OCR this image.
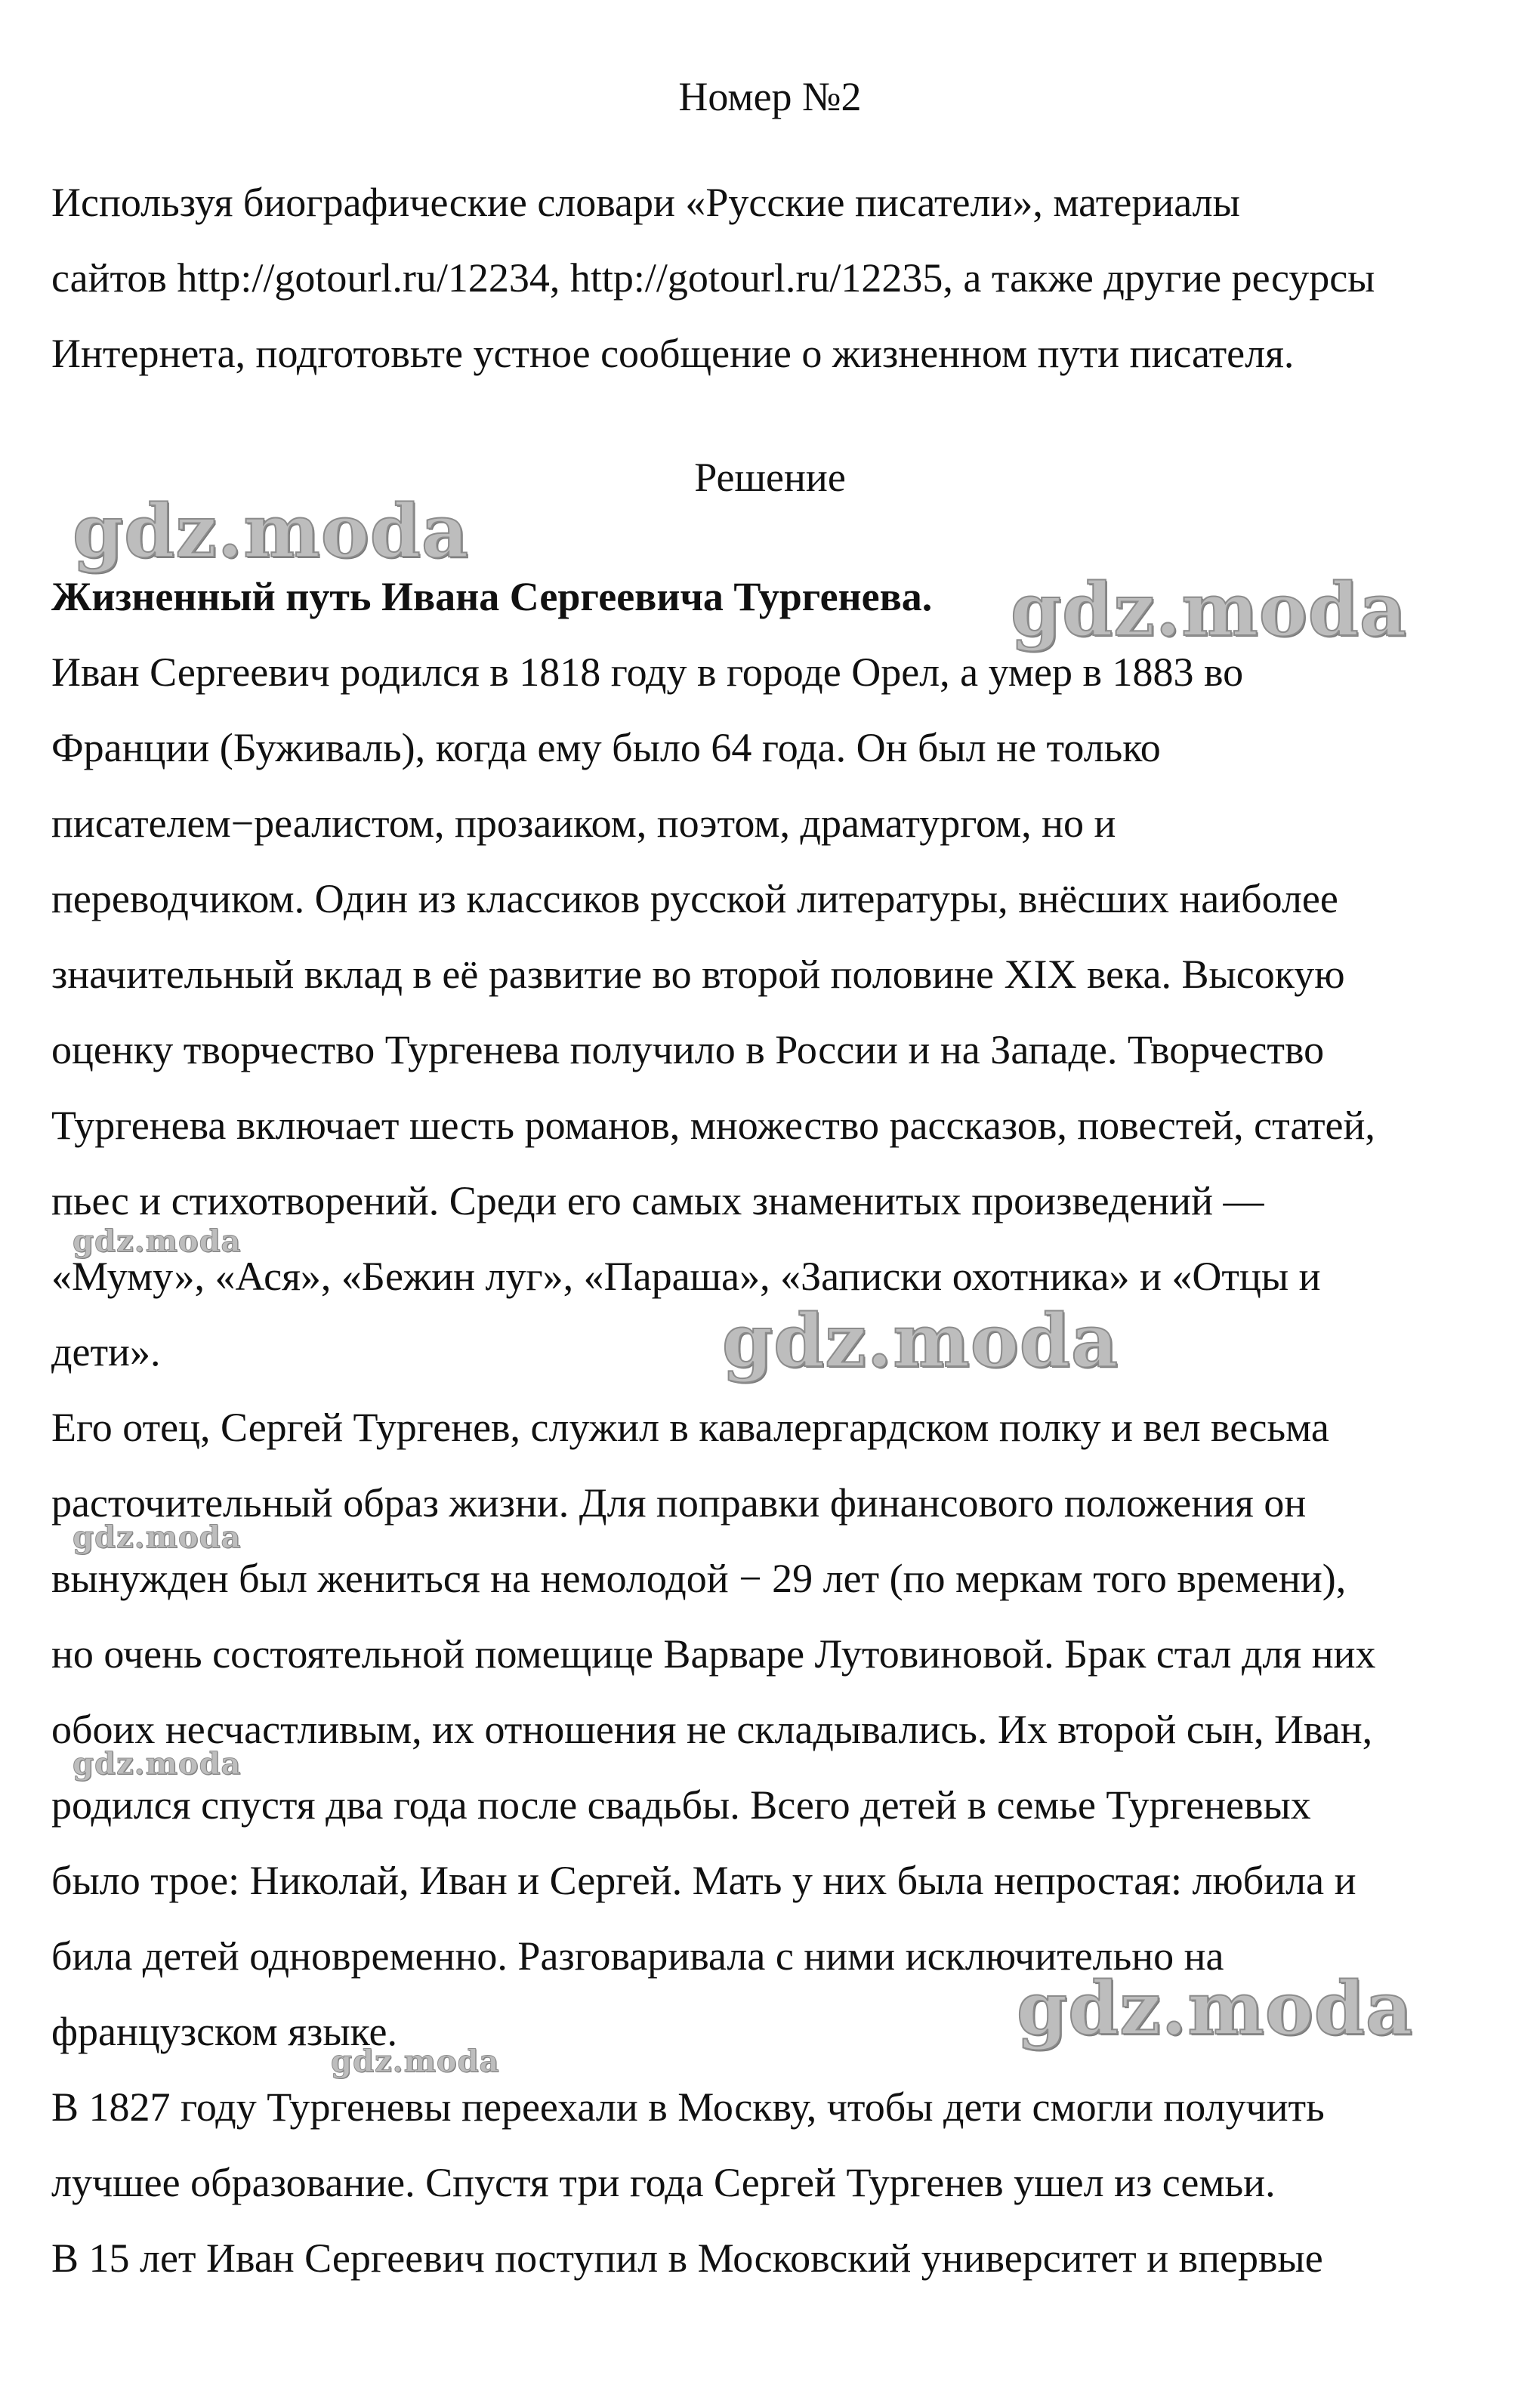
Номер №2
Используя биографические словари «Русские писатели», материалы
сайтов http://gotourl.ru/12234, http://gotourl.ru/12235, а также другие ресурсы
Интернета, подготовьте устное сообщение о жизненном пути писателя.
Решение
Жизненный путь Ивана Сергеевича Тургенева.
Иван Сергеевич родился в 1818 году в городе Орел, а умер в 1883 во
Франции (Буживаль), когда ему было 64 года. Он был не только
писателем−реалистом, прозаиком, поэтом, драматургом, но и
переводчиком. Один из классиков русской литературы, внёсших наиболее
значительный вклад в её развитие во второй половине XIX века. Высокую
оценку творчество Тургенева получило в России и на Западе. Творчество
Тургенева включает шесть романов, множество рассказов, повестей, статей,
пьес и стихотворений. Среди его самых знаменитых произведений —
«Муму», «Ася», «Бежин луг», «Параша», «Записки охотника» и «Отцы и
дети».
Его отец, Сергей Тургенев, служил в кавалергардском полку и вел весьма
расточительный образ жизни. Для поправки финансового положения он
вынужден был жениться на немолодой − 29 лет (по меркам того времени),
но очень состоятельной помещице Варваре Лутовиновой. Брак стал для них
обоих несчастливым, их отношения не складывались. Их второй сын, Иван,
родился спустя два года после свадьбы. Всего детей в семье Тургеневых
было трое: Николай, Иван и Сергей. Мать у них была непростая: любила и
била детей одновременно. Разговаривала с ними исключительно на
французском языке.
В 1827 году Тургеневы переехали в Москву, чтобы дети смогли получить
лучшее образование. Спустя три года Сергей Тургенев ушел из семьи.
В 15 лет Иван Сергеевич поступил в Московский университет и впервые
gdz.moda
gdz.moda
gdz.moda
gdz.moda
gdz.moda
gdz.moda
gdz.moda
gdz.moda
